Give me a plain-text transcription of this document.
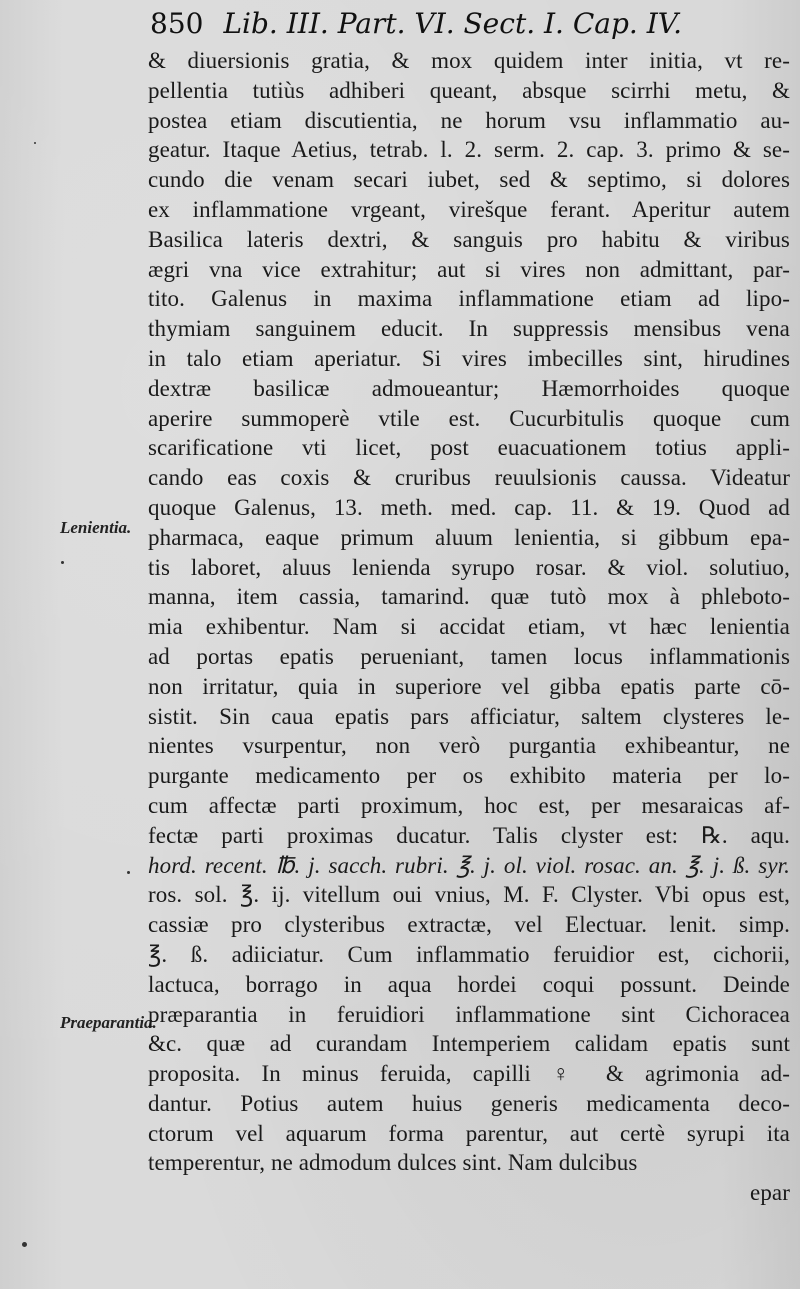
850 Lib. III. Part. VI. Sect. I. Cap. IV.
Lenientia.
Praeparantia.
& diuersionis gratia, & mox quidem inter initia, vt re-
pellentia tutiùs adhiberi queant, absque scirrhi metu, &
postea etiam discutientia, ne horum vsu inflammatio au-
geatur. Itaque Aetius, tetrab. l. 2. serm. 2. cap. 3. primo & se-
cundo die venam secari iubet, sed & septimo, si dolores
ex inflammatione vrgeant, virešque ferant. Aperitur autem
Basilica lateris dextri, & sanguis pro habitu & viribus
ægri vna vice extrahitur; aut si vires non admittant, par-
tito. Galenus in maxima inflammatione etiam ad lipo-
thymiam sanguinem educit. In suppressis mensibus vena
in talo etiam aperiatur. Si vires imbecilles sint, hirudines
dextræ basilicæ admoueantur; Hæmorrhoides quoque
aperire summoperè vtile est. Cucurbitulis quoque cum
scarificatione vti licet, post euacuationem totius appli-
cando eas coxis & cruribus reuulsionis caussa. Videatur
quoque Galenus, 13. meth. med. cap. 11. & 19. Quod ad
pharmaca, eaque primum aluum lenientia, si gibbum epa-
tis laboret, aluus lenienda syrupo rosar. & viol. solutiuo,
manna, item cassia, tamarind. quæ tutò mox à phleboto-
mia exhibentur. Nam si accidat etiam, vt hæc lenientia
ad portas epatis perueniant, tamen locus inflammationis
non irritatur, quia in superiore vel gibba epatis parte cō-
sistit. Sin caua epatis pars afficiatur, saltem clysteres le-
nientes vsurpentur, non verò purgantia exhibeantur, ne
purgante medicamento per os exhibito materia per lo-
cum affectæ parti proximum, hoc est, per mesaraicas af-
fectæ parti proximas ducatur. Talis clyster est: ℞. aqu.
hord. recent. ℔. j. sacch. rubri. ℥. j. ol. viol. rosac. an. ℥. j. ß. syr.
ros. sol. ℥. ij. vitellum oui vnius, M. F. Clyster. Vbi opus est,
cassiæ pro clysteribus extractæ, vel Electuar. lenit. simp.
℥. ß. adiiciatur. Cum inflammatio feruidior est, cichorii,
lactuca, borrago in aqua hordei coqui possunt. Deinde
præparantia in feruidiori inflammatione sint Cichoracea
&c. quæ ad curandam Intemperiem calidam epatis sunt
proposita. In minus feruida, capilli ♀ & agrimonia ad-
dantur. Potius autem huius generis medicamenta deco-
ctorum vel aquarum forma parentur, aut certè syrupi ita
temperentur, ne admodum dulces sint. Nam dulcibus
epar
